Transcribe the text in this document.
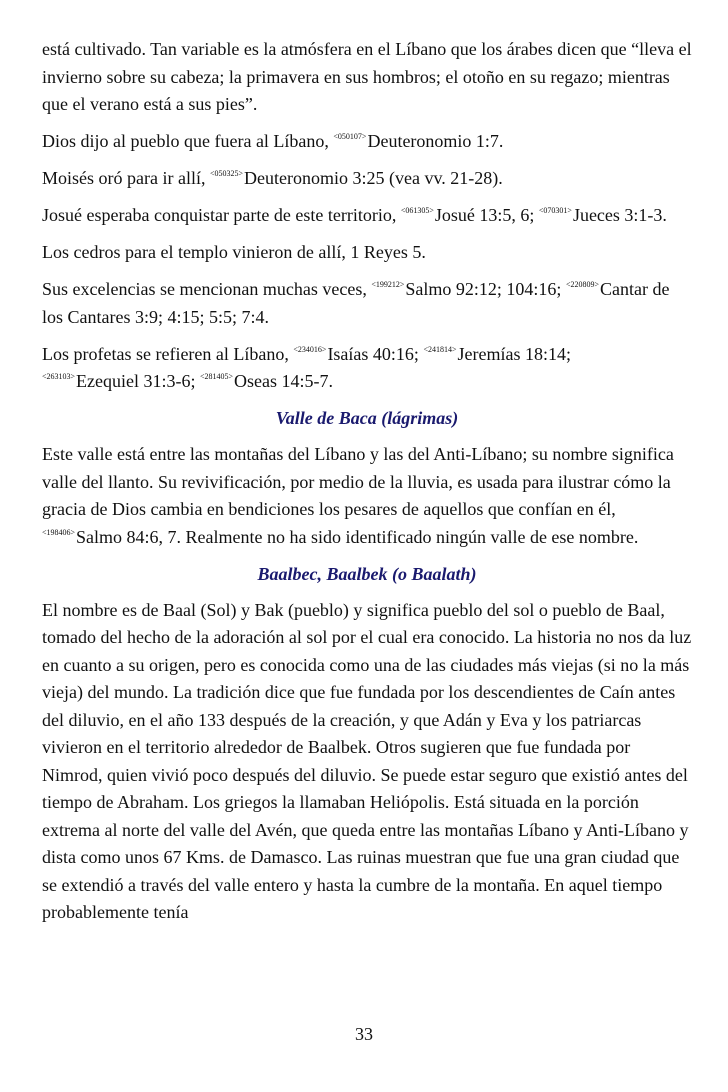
está cultivado. Tan variable es la atmósfera en el Líbano que los árabes dicen que “lleva el invierno sobre su cabeza; la primavera en sus hombros; el otoño en su regazo; mientras que el verano está a sus pies”.

Dios dijo al pueblo que fuera al Líbano, $^{<050107>}$Deuteronomio 1:7.

Moisés oró para ir allí, $^{<050325>}$Deuteronomio 3:25 (vea vv. 21-28).

Josué esperaba conquistar parte de este territorio, $^{<061305>}$Josué 13:5, 6; $^{<070301>}$Jueces 3:1-3.

Los cedros para el templo vinieron de allí, 1 Reyes 5.

Sus excelencias se mencionan muchas veces, $^{<199212>}$Salmo 92:12; 104:16; $^{<220809>}$Cantar de los Cantares 3:9; 4:15; 5:5; 7:4.

Los profetas se refieren al Líbano, $^{<234016>}$Isaías 40:16; $^{<241814>}$Jeremías 18:14;
$^{<263103>}$Ezequiel 31:3-6; $^{<281405>}$Oseas 14:5-7.

Valle de Baca (lágrimas)

Este valle está entre las montañas del Líbano y las del Anti-Líbano; su nombre significa valle del llanto. Su revivificación, por medio de la lluvia, es usada para ilustrar cómo la gracia de Dios cambia en bendiciones los pesares de aquellos que confían en él, $^{<198406>}$Salmo 84:6, 7. Realmente no ha sido identificado ningún valle de ese nombre.

Baalbec, Baalbek (o Baalath)

El nombre es de Baal (Sol) y Bak (pueblo) y significa pueblo del sol o pueblo de Baal, tomado del hecho de la adoración al sol por el cual era conocido. La historia no nos da luz en cuanto a su origen, pero es conocida como una de las ciudades más viejas (si no la más vieja) del mundo. La tradición dice que fue fundada por los descendientes de Caín antes del diluvio, en el año 133 después de la creación, y que Adán y Eva y los patriarcas vivieron en el territorio alrededor de Baalbek. Otros sugieren que fue fundada por Nimrod, quien vivió poco después del diluvio. Se puede estar seguro que existió antes del tiempo de Abraham. Los griegos la llamaban Heliópolis. Está situada en la porción extrema al norte del valle del Avén, que queda entre las montañas Líbano y Anti-Líbano y dista como unos 67 Kms. de Damasco. Las ruinas muestran que fue una gran ciudad que se extendió a través del valle entero y hasta la cumbre de la montaña. En aquel tiempo probablemente tenía

33
